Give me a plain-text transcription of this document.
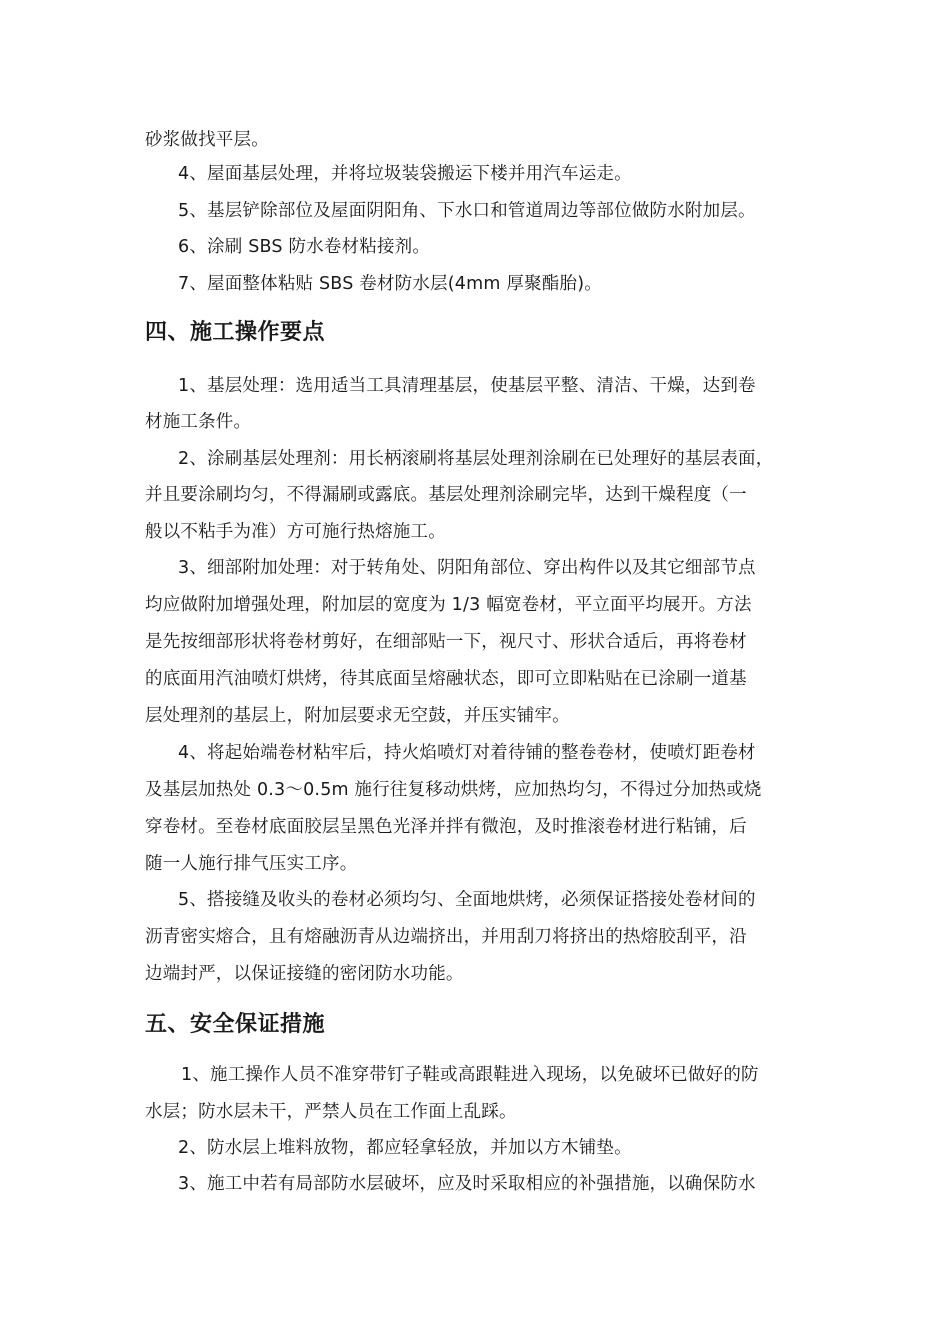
砂浆做找平层。
4、屋面基层处理，并将垃圾装袋搬运下楼并用汽车运走。
5、基层铲除部位及屋面阴阳角、下水口和管道周边等部位做防水附加层。
6、涂刷 SBS 防水卷材粘接剂。
7、屋面整体粘贴 SBS 卷材防水层(4mm 厚聚酯胎)。
四、施工操作要点
1、基层处理：选用适当工具清理基层，使基层平整、清洁、干燥，达到卷
材施工条件。
2、涂刷基层处理剂：用长柄滚刷将基层处理剂涂刷在已处理好的基层表面，
并且要涂刷均匀，不得漏刷或露底。基层处理剂涂刷完毕，达到干燥程度（一
般以不粘手为准）方可施行热熔施工。
3、细部附加处理：对于转角处、阴阳角部位、穿出构件以及其它细部节点
均应做附加增强处理，附加层的宽度为 1/3 幅宽卷材，平立面平均展开。方法
是先按细部形状将卷材剪好，在细部贴一下，视尺寸、形状合适后，再将卷材
的底面用汽油喷灯烘烤，待其底面呈熔融状态，即可立即粘贴在已涂刷一道基
层处理剂的基层上，附加层要求无空鼓，并压实铺牢。
4、将起始端卷材粘牢后，持火焰喷灯对着待铺的整卷卷材，使喷灯距卷材
及基层加热处 0.3～0.5m 施行往复移动烘烤，应加热均匀，不得过分加热或烧
穿卷材。至卷材底面胶层呈黑色光泽并拌有微泡，及时推滚卷材进行粘铺，后
随一人施行排气压实工序。
5、搭接缝及收头的卷材必须均匀、全面地烘烤，必须保证搭接处卷材间的
沥青密实熔合，且有熔融沥青从边端挤出，并用刮刀将挤出的热熔胶刮平，沿
边端封严，以保证接缝的密闭防水功能。
五、安全保证措施
1、施工操作人员不准穿带钉子鞋或高跟鞋进入现场，以免破坏已做好的防
水层；防水层未干，严禁人员在工作面上乱踩。
2、防水层上堆料放物，都应轻拿轻放，并加以方木铺垫。
3、施工中若有局部防水层破坏，应及时采取相应的补强措施，以确保防水
